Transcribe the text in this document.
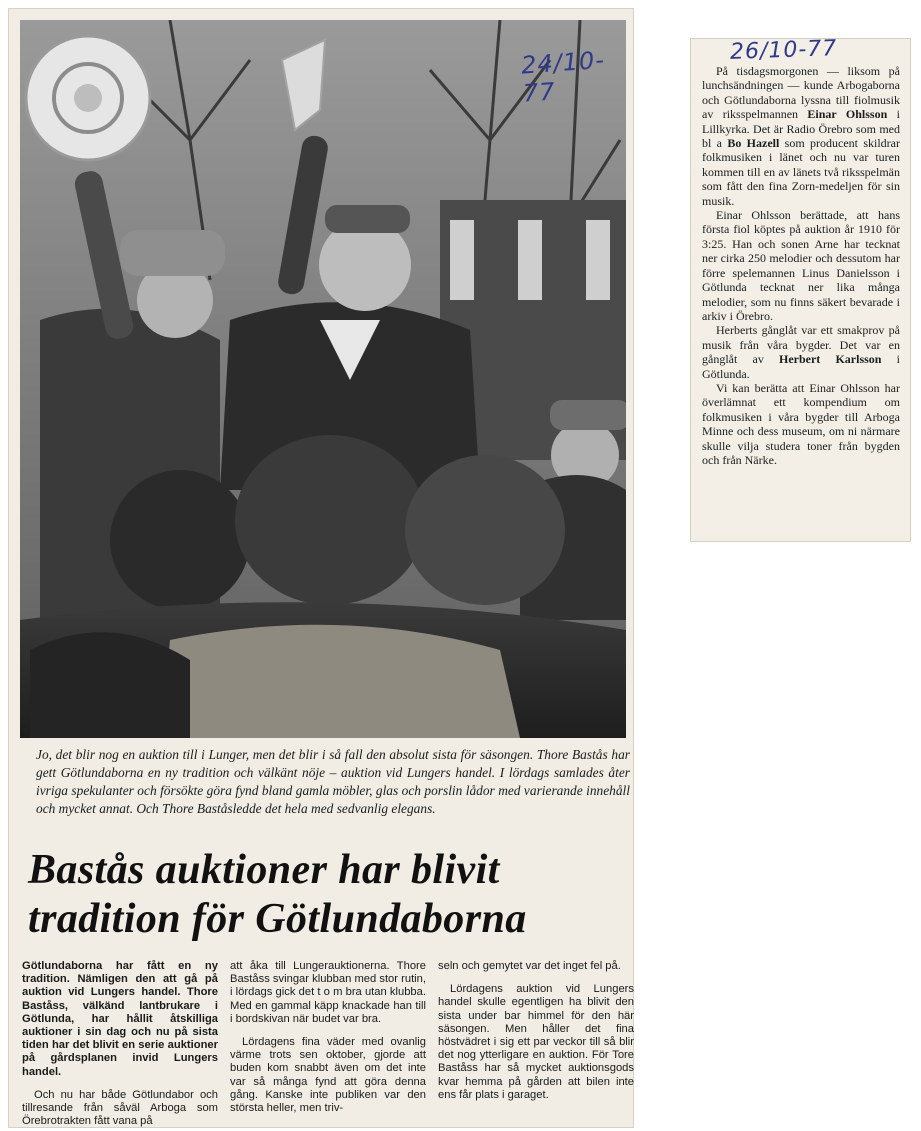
24/10-77
Jo, det blir nog en auktion till i Lunger, men det blir i så fall den absolut sista för säsongen. Thore Bastås har gett Götlundaborna en ny tradition och välkänt nöje – auktion vid Lungers handel. I lördags samlades åter ivriga spekulanter och försökte göra fynd bland gamla möbler, glas och porslin lådor med varierande innehåll och mycket annat. Och Thore Baståsledde det hela med sedvanlig elegans.
Bastås auktioner har blivit
tradition för Götlundaborna

Götlundaborna har fått en ny tradition. Nämligen den att gå på auktion vid Lungers handel. Thore Baståss, välkänd lantbrukare i Götlunda, har hållit åtskilliga auktioner i sin dag och nu på sista tiden har det blivit en serie auktioner på gårdsplanen invid Lungers handel.

Och nu har både Götlundabor och tillresande från såväl Arboga som Örebrotrakten fått vana på

att åka till Lungerauktionerna. Thore Baståss svingar klubban med stor rutin, i lördags gick det t o m bra utan klubba. Med en gammal käpp knackade han till i bordskivan när budet var bra.

Lördagens fina väder med ovanlig värme trots sen oktober, gjorde att buden kom snabbt även om det inte var så många fynd att göra denna gång. Kanske inte publiken var den största heller, men triv-

seln och gemytet var det inget fel på.

Lördagens auktion vid Lungers handel skulle egentligen ha blivit den sista under bar himmel för den här säsongen. Men håller det fina höstvädret i sig ett par veckor till så blir det nog ytterligare en auktion. För Tore Baståss har så mycket auktionsgods kvar hemma på gården att bilen inte ens får plats i garaget.

26/10-77

På tisdagsmorgonen — liksom på lunchsändningen — kunde Arbogaborna och Götlundaborna lyssna till fiolmusik av riksspelmannen Einar Ohlsson i Lillkyrka. Det är Radio Örebro som med bl a Bo Hazell som producent skildrar folkmusiken i länet och nu var turen kommen till en av länets två riksspelmän som fått den fina Zorn-medeljen för sin musik.

Einar Ohlsson berättade, att hans första fiol köptes på auktion år 1910 för 3:25. Han och sonen Arne har tecknat ner cirka 250 melodier och dessutom har förre spelemannen Linus Danielsson i Götlunda tecknat ner lika många melodier, som nu finns säkert bevarade i arkiv i Örebro.

Herberts gånglåt var ett smakprov på musik från våra bygder. Det var en gånglåt av Herbert Karlsson i Götlunda.

Vi kan berätta att Einar Ohlsson har överlämnat ett kompendium om folkmusiken i våra bygder till Arboga Minne och dess museum, om ni närmare skulle vilja studera toner från bygden och från Närke.
